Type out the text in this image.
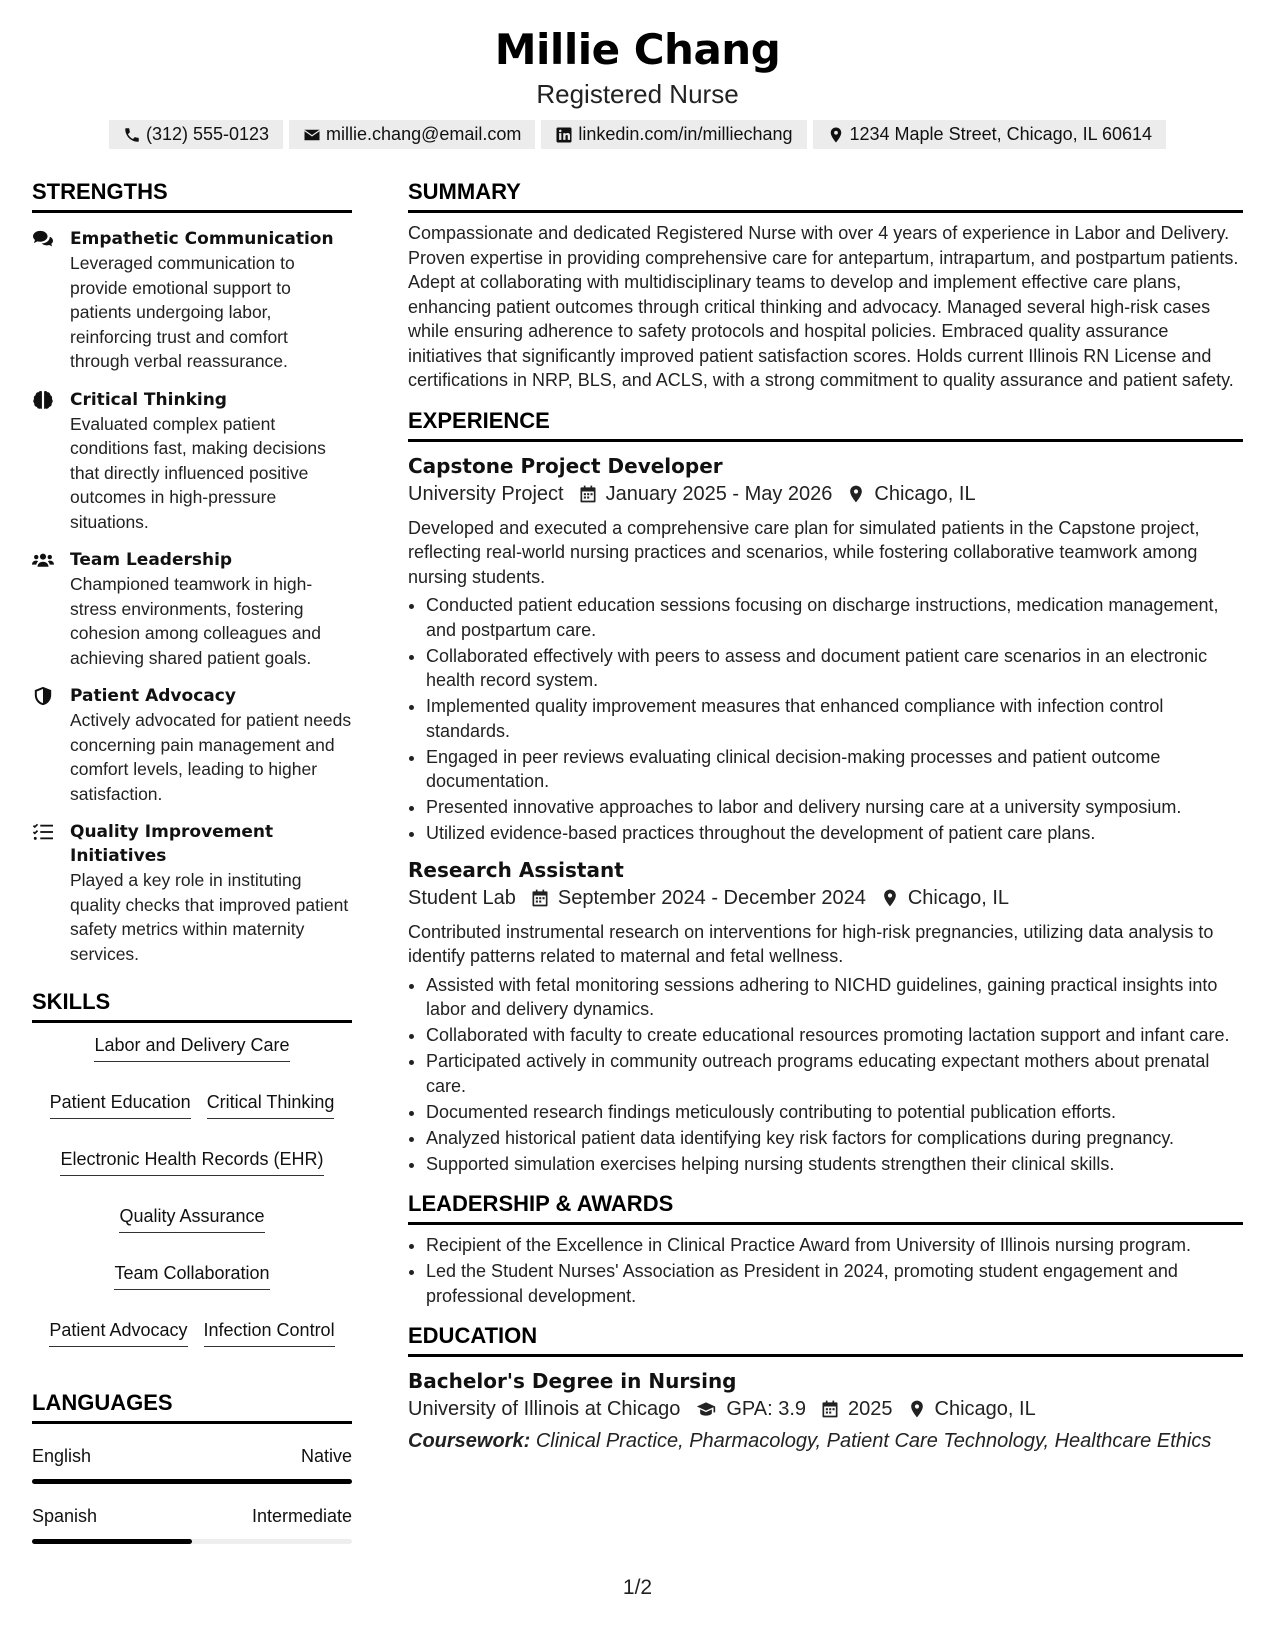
Millie Chang
Registered Nurse
(312) 555-0123	millie.chang@email.com	linkedin.com/in/milliechang	1234 Maple Street, Chicago, IL 60614
STRENGTHS
Empathetic Communication
Leveraged communication to provide emotional support to patients undergoing labor, reinforcing trust and comfort through verbal reassurance.
Critical Thinking
Evaluated complex patient conditions fast, making decisions that directly influenced positive outcomes in high-pressure situations.
Team Leadership
Championed teamwork in high-stress environments, fostering cohesion among colleagues and achieving shared patient goals.
Patient Advocacy
Actively advocated for patient needs concerning pain management and comfort levels, leading to higher satisfaction.
Quality Improvement Initiatives
Played a key role in instituting quality checks that improved patient safety metrics within maternity services.
SKILLS
Labor and Delivery Care
Patient Education Critical Thinking
Electronic Health Records (EHR)
Quality Assurance
Team Collaboration
Patient Advocacy Infection Control
LANGUAGES
English	Native
Spanish	Intermediate
SUMMARY
Compassionate and dedicated Registered Nurse with over 4 years of experience in Labor and Delivery. Proven expertise in providing comprehensive care for antepartum, intrapartum, and postpartum patients. Adept at collaborating with multidisciplinary teams to develop and implement effective care plans, enhancing patient outcomes through critical thinking and advocacy. Managed several high-risk cases while ensuring adherence to safety protocols and hospital policies. Embraced quality assurance initiatives that significantly improved patient satisfaction scores. Holds current Illinois RN License and certifications in NRP, BLS, and ACLS, with a strong commitment to quality assurance and patient safety.
EXPERIENCE
Capstone Project Developer
University Project January 2025 - May 2026 Chicago, IL
Developed and executed a comprehensive care plan for simulated patients in the Capstone project, reflecting real-world nursing practices and scenarios, while fostering collaborative teamwork among nursing students.
• Conducted patient education sessions focusing on discharge instructions, medication management, and postpartum care.
• Collaborated effectively with peers to assess and document patient care scenarios in an electronic health record system.
• Implemented quality improvement measures that enhanced compliance with infection control standards.
• Engaged in peer reviews evaluating clinical decision-making processes and patient outcome documentation.
• Presented innovative approaches to labor and delivery nursing care at a university symposium.
• Utilized evidence-based practices throughout the development of patient care plans.
Research Assistant
Student Lab September 2024 - December 2024 Chicago, IL
Contributed instrumental research on interventions for high-risk pregnancies, utilizing data analysis to identify patterns related to maternal and fetal wellness.
• Assisted with fetal monitoring sessions adhering to NICHD guidelines, gaining practical insights into labor and delivery dynamics.
• Collaborated with faculty to create educational resources promoting lactation support and infant care.
• Participated actively in community outreach programs educating expectant mothers about prenatal care.
• Documented research findings meticulously contributing to potential publication efforts.
• Analyzed historical patient data identifying key risk factors for complications during pregnancy.
• Supported simulation exercises helping nursing students strengthen their clinical skills.
LEADERSHIP & AWARDS
• Recipient of the Excellence in Clinical Practice Award from University of Illinois nursing program.
• Led the Student Nurses' Association as President in 2024, promoting student engagement and professional development.
EDUCATION
Bachelor's Degree in Nursing
University of Illinois at Chicago GPA: 3.9 2025 Chicago, IL
Coursework: Clinical Practice, Pharmacology, Patient Care Technology, Healthcare Ethics
1/2
